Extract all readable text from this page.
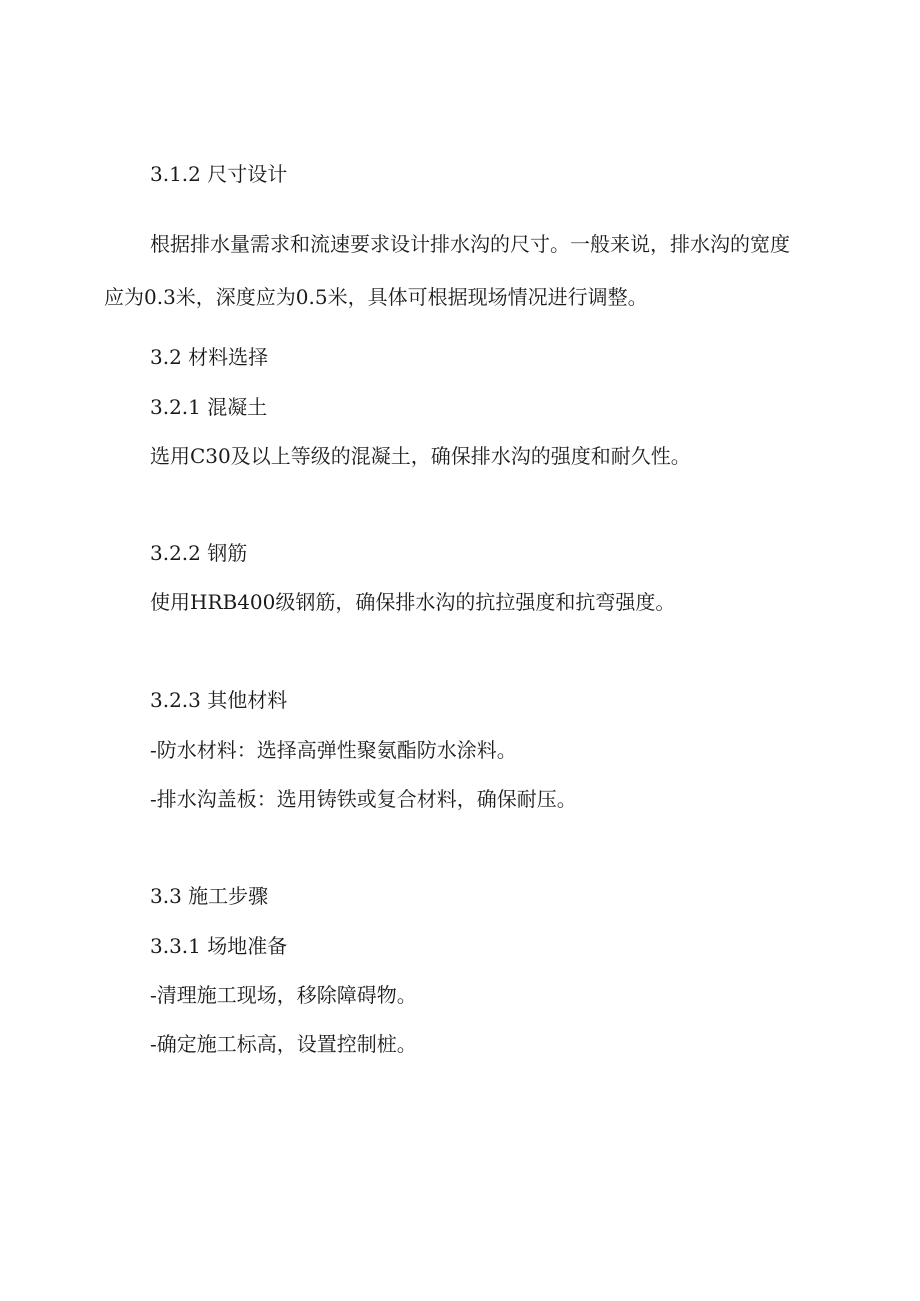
3.1.2 尺寸设计
根据排水量需求和流速要求设计排水沟的尺寸。一般来说，排水沟的宽度应为0.3米，深度应为0.5米，具体可根据现场情况进行调整。
3.2 材料选择
3.2.1 混凝土
选用C30及以上等级的混凝土，确保排水沟的强度和耐久性。
3.2.2 钢筋
使用HRB400级钢筋，确保排水沟的抗拉强度和抗弯强度。
3.2.3 其他材料
-防水材料：选择高弹性聚氨酯防水涂料。
-排水沟盖板：选用铸铁或复合材料，确保耐压。
3.3 施工步骤
3.3.1 场地准备
-清理施工现场，移除障碍物。
-确定施工标高，设置控制桩。
